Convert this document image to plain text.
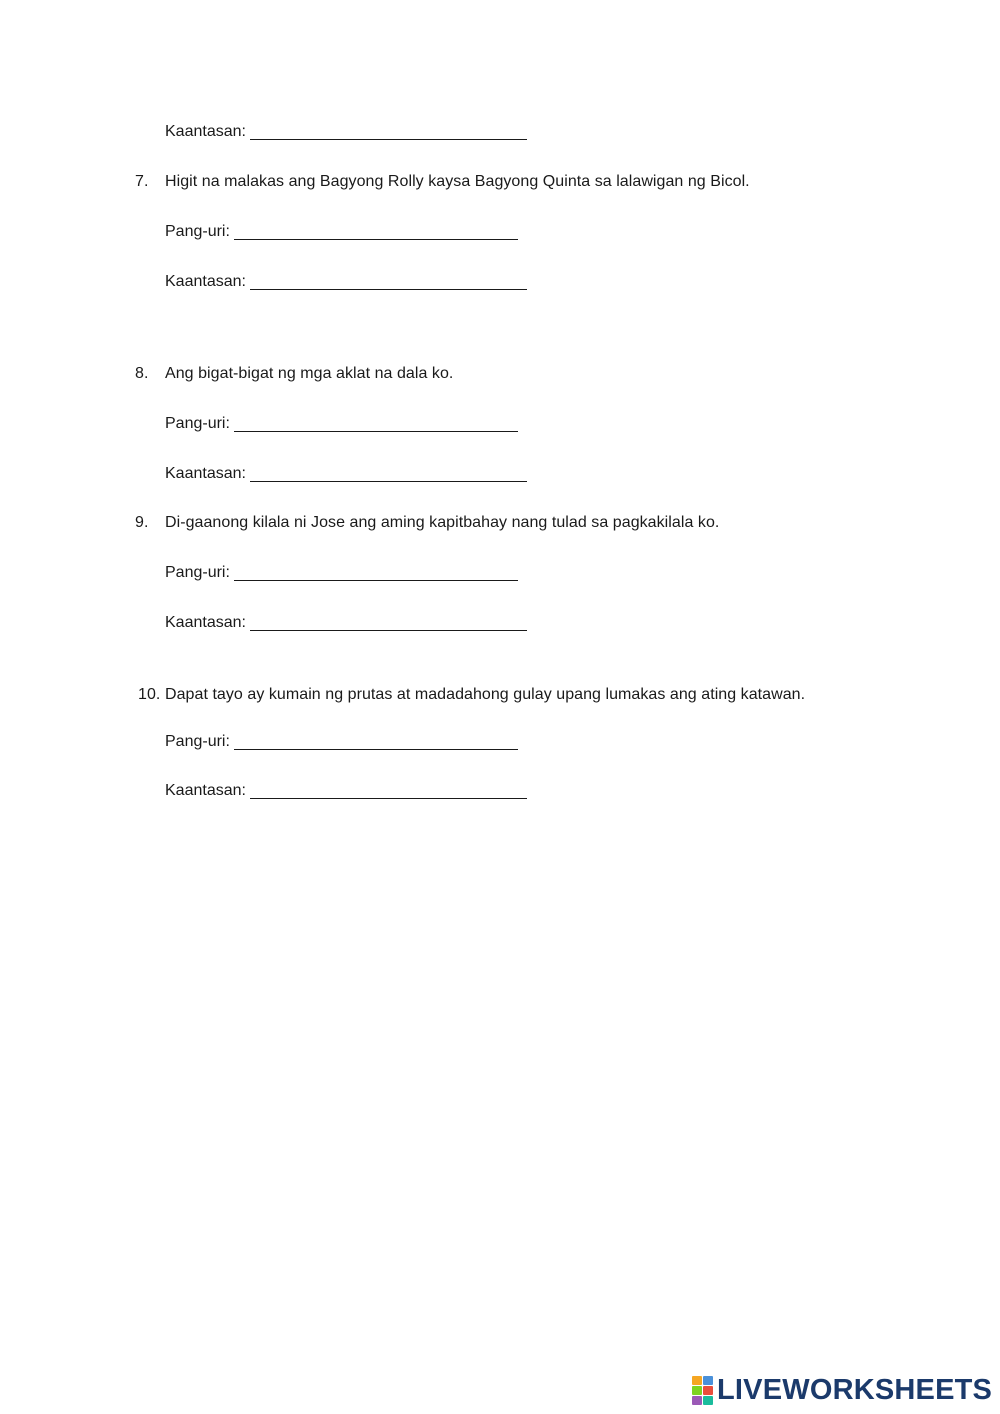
Kaantasan:
7. Higit na malakas ang Bagyong Rolly kaysa Bagyong Quinta sa lalawigan ng Bicol.
Pang-uri:
Kaantasan:
8. Ang bigat-bigat ng mga aklat na dala ko.
Pang-uri:
Kaantasan:
9. Di-gaanong kilala ni Jose ang aming kapitbahay nang tulad sa pagkakilala ko.
Pang-uri:
Kaantasan:
10. Dapat tayo ay kumain ng prutas at madadahong gulay upang lumakas ang ating katawan.
Pang-uri:
Kaantasan:
LIVEWORKSHEETS
